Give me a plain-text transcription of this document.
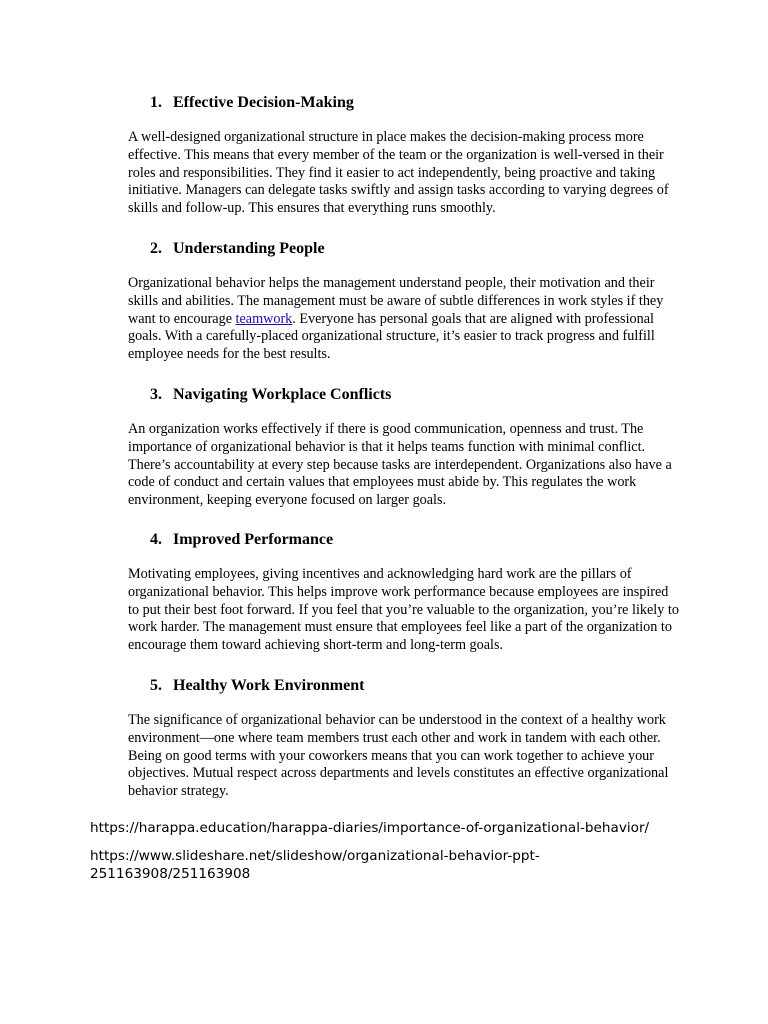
1. Effective Decision-Making

A well-designed organizational structure in place makes the decision-making process more effective. This means that every member of the team or the organization is well-versed in their roles and responsibilities. They find it easier to act independently, being proactive and taking initiative. Managers can delegate tasks swiftly and assign tasks according to varying degrees of skills and follow-up. This ensures that everything runs smoothly.

2. Understanding People

Organizational behavior helps the management understand people, their motivation and their skills and abilities. The management must be aware of subtle differences in work styles if they want to encourage teamwork. Everyone has personal goals that are aligned with professional goals. With a carefully-placed organizational structure, it’s easier to track progress and fulfill employee needs for the best results.

3. Navigating Workplace Conflicts

An organization works effectively if there is good communication, openness and trust. The importance of organizational behavior is that it helps teams function with minimal conflict. There’s accountability at every step because tasks are interdependent. Organizations also have a code of conduct and certain values that employees must abide by. This regulates the work environment, keeping everyone focused on larger goals.

4. Improved Performance

Motivating employees, giving incentives and acknowledging hard work are the pillars of organizational behavior. This helps improve work performance because employees are inspired to put their best foot forward. If you feel that you’re valuable to the organization, you’re likely to work harder. The management must ensure that employees feel like a part of the organization to encourage them toward achieving short-term and long-term goals.

5. Healthy Work Environment

The significance of organizational behavior can be understood in the context of a healthy work environment—one where team members trust each other and work in tandem with each other. Being on good terms with your coworkers means that you can work together to achieve your objectives. Mutual respect across departments and levels constitutes an effective organizational behavior strategy.

https://harappa.education/harappa-diaries/importance-of-organizational-behavior/

https://www.slideshare.net/slideshow/organizational-behavior-ppt-251163908/251163908
